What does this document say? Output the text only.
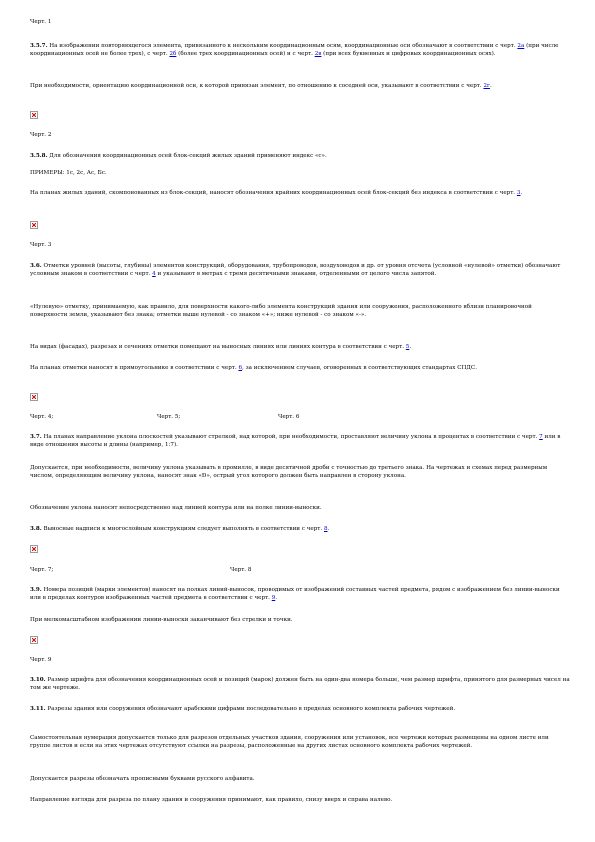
Черт. 1

3.5.7. На изображении повторяющегося элемента, привязанного к нескольким координационным осям, координационные оси обозначают в соответствии с черт. 2а (при числе координационных осей не более трех), с черт. 2б (более трех координационных осей) и с черт. 2в (при всех буквенных и цифровых координационных осях).

При необходимости, ориентацию координационной оси, к которой привязан элемент, по отношению к соседней оси, указывают в соответствии с черт. 2г.

Черт. 2

3.5.8. Для обозначения координационных осей блок-секций жилых зданий применяют индекс «с».

ПРИМЕРЫ: 1с, 2с, Ас, Бс.

На планах жилых зданий, скомпонованных из блок-секций, наносят обозначения крайних координационных осей блок-секций без индекса в соответствии с черт. 3.

Черт. 3

3.6. Отметки уровней (высоты, глубины) элементов конструкций, оборудования, трубопроводов, воздуховодов и др. от уровня отсчета (условной «нулевой» отметки) обозначают условным знаком в соответствии с черт. 4 и указывают в метрах с тремя десятичными знаками, отделенными от целого числа запятой.

«Нулевую» отметку, принимаемую, как правило, для поверхности какого-либо элемента конструкций здания или сооружения, расположенного вблизи планировочной поверхности земли, указывают без знака; отметки выше нулевой - со знаком «+»; ниже нулевой - со знаком «-».

На видах (фасадах), разрезах и сечениях отметки помещают на выносных линиях или линиях контура в соответствии с черт. 5.

На планах отметки наносят в прямоугольнике в соответствии с черт. 6, за исключением случаев, оговоренных в соответствующих стандартах СПДС.

Черт. 4;	Черт. 5;	Черт. 6

3.7. На планах направление уклона плоскостей указывают стрелкой, над которой, при необходимости, проставляют величину уклона в процентах в соответствии с черт. 7 или в виде отношения высоты и длины (например, 1:7).

Допускается, при необходимости, величину уклона указывать в промилле, в виде десятичной дроби с точностью до третьего знака. На чертежах и схемах перед размерным числом, определяющим величину уклона, наносят знак «Ð», острый угол которого должен быть направлен в сторону уклона.

Обозначение уклона наносят непосредственно над линией контура или на полке линии-выноски.

3.8. Выносные надписи к многослойным конструкциям следует выполнять в соответствии с черт. 8.

Черт. 7;	Черт. 8

3.9. Номера позиций (марки элементов) наносят на полках линий-выносок, проводимых от изображений составных частей предмета, рядом с изображением без линии-выноски или в пределах контуров изображенных частей предмета в соответствии с черт. 9.

При мелкомасштабном изображении линии-выноски заканчивают без стрелки и точки.

Черт. 9

3.10. Размер шрифта для обозначения координационных осей и позиций (марок) должен быть на один-два номера больше, чем размер шрифта, принятого для размерных чисел на том же чертеже.

3.11. Разрезы здания или сооружения обозначают арабскими цифрами последовательно в пределах основного комплекта рабочих чертежей.

Самостоятельная нумерация допускается только для разрезов отдельных участков здания, сооружения или установок, все чертежи которых размещены на одном листе или группе листов и если на этих чертежах отсутствуют ссылки на разрезы, расположенные на других листах основного комплекта рабочих чертежей.

Допускается разрезы обозначать прописными буквами русского алфавита.

Направление взгляда для разреза по плану здания и сооружения принимают, как правило, снизу вверх и справа налево.
